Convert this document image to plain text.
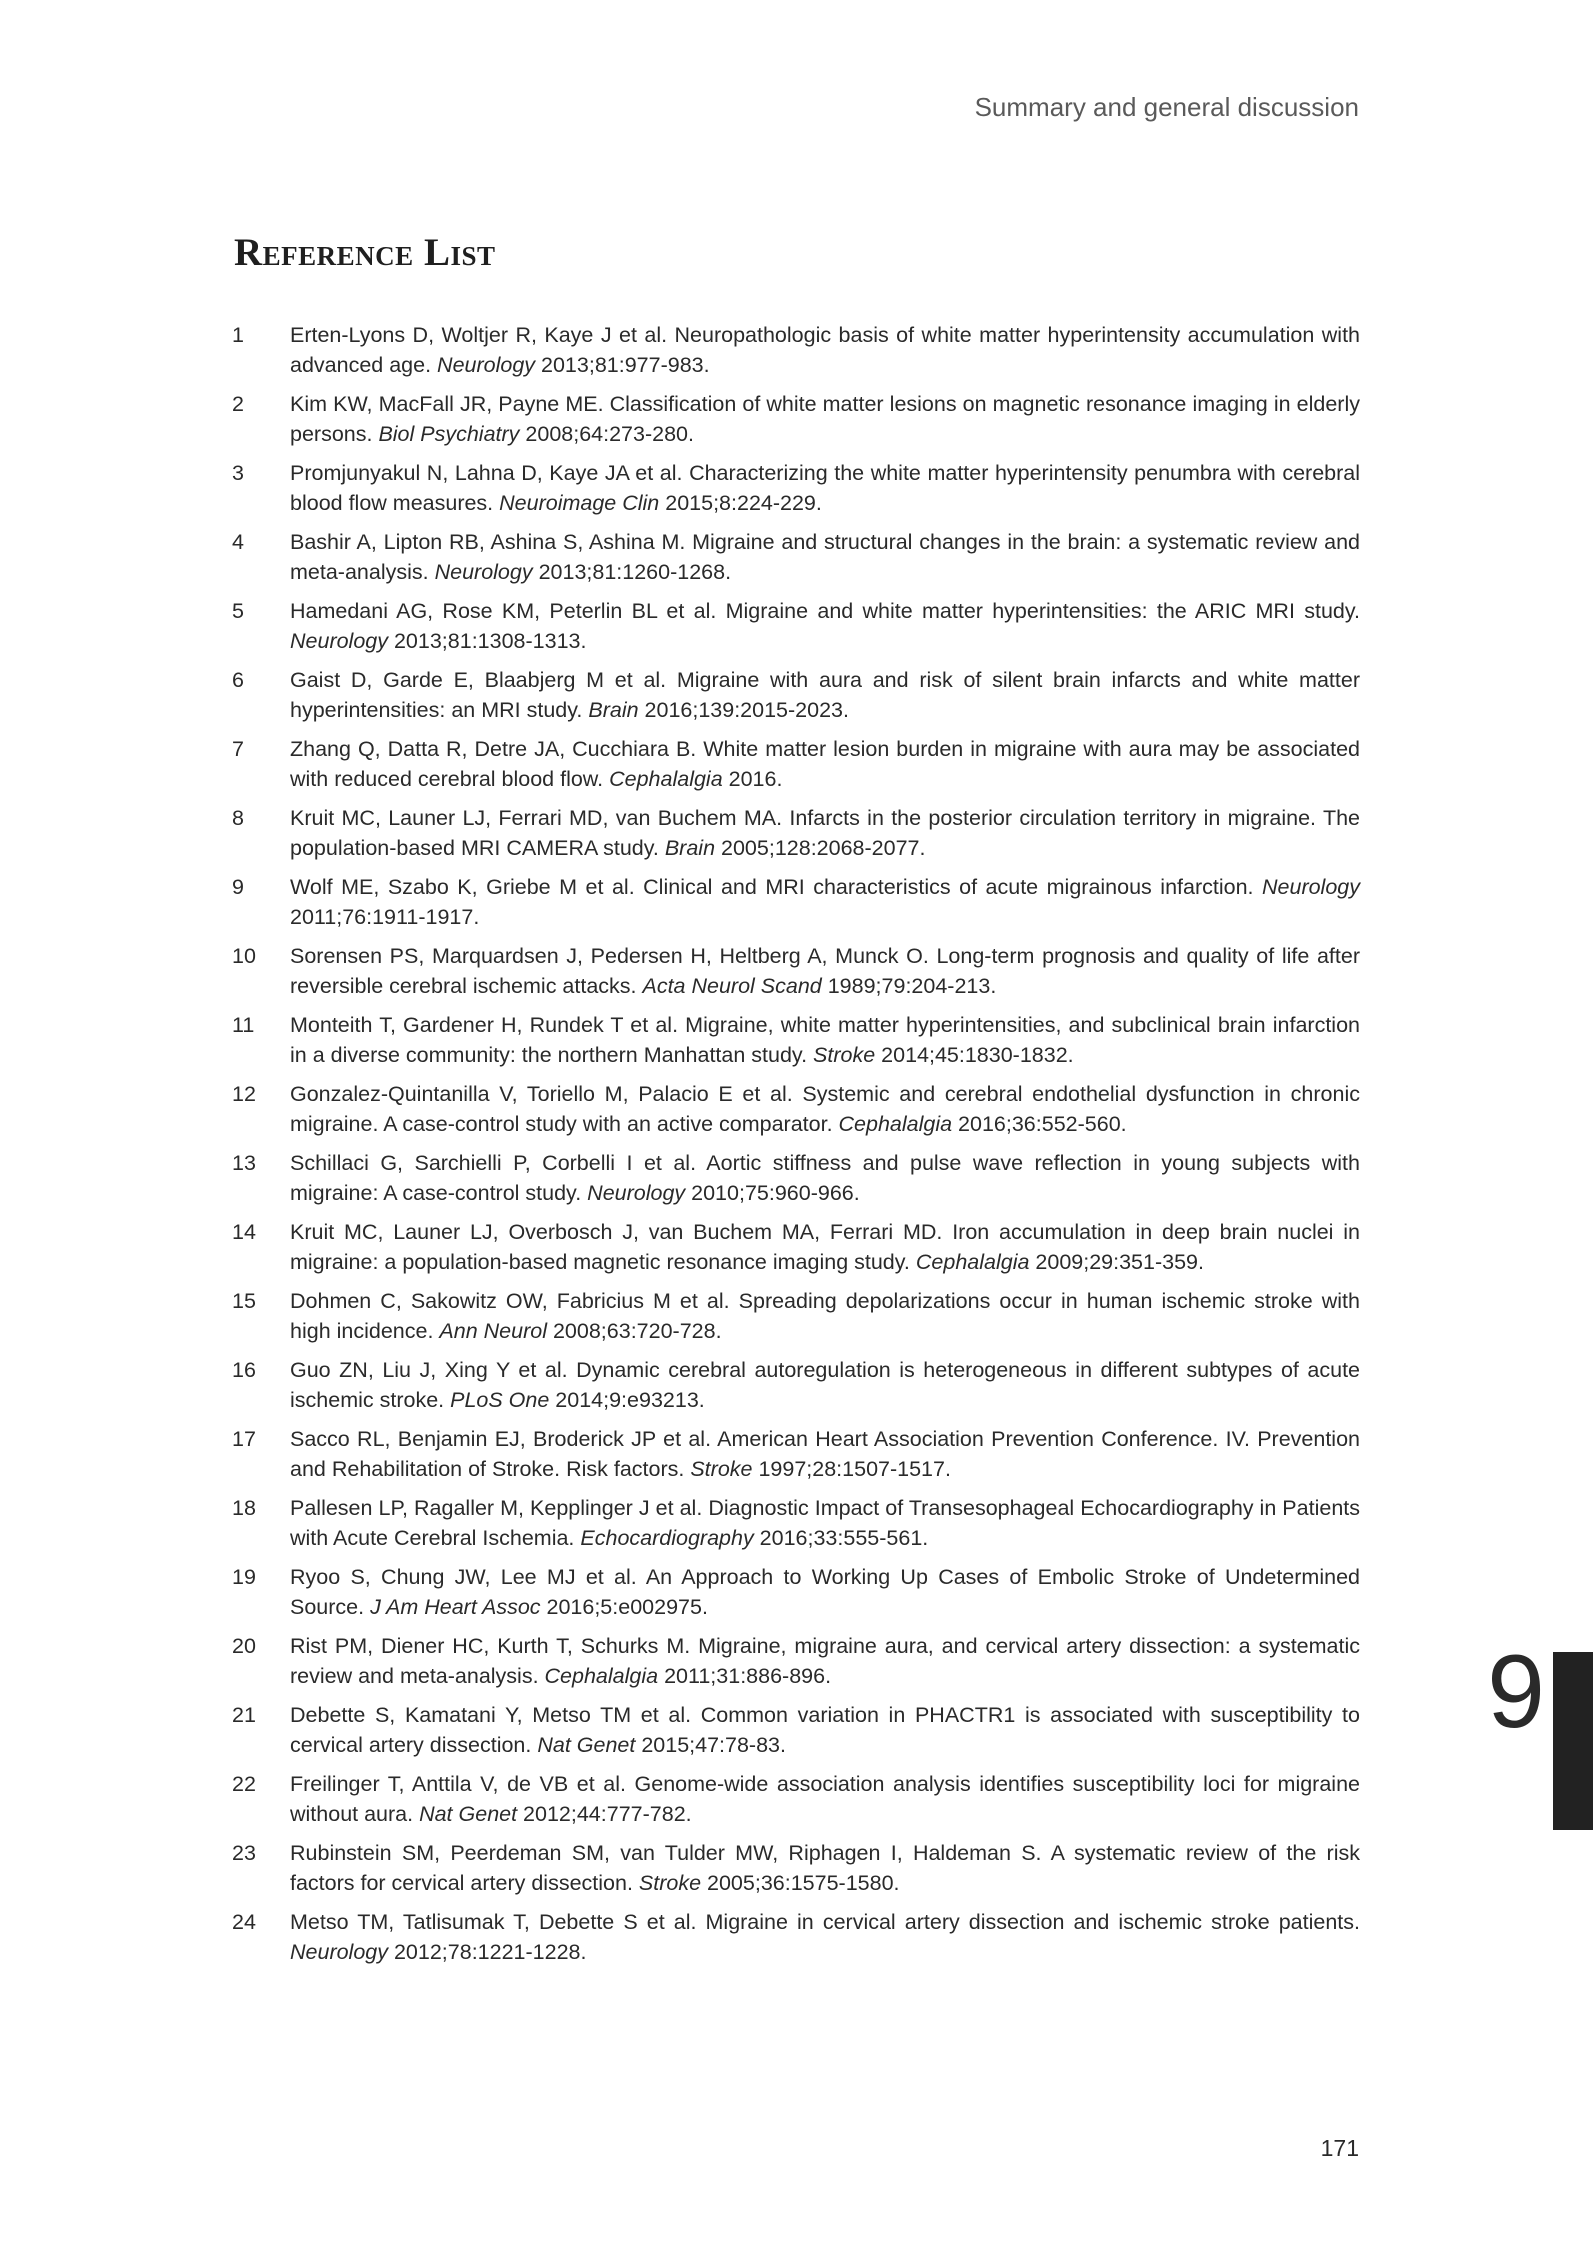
Summary and general discussion
Reference List
1	Erten-Lyons D, Woltjer R, Kaye J et al. Neuropathologic basis of white matter hyperintensity accumulation with advanced age. Neurology 2013;81:977-983.
2	Kim KW, MacFall JR, Payne ME. Classification of white matter lesions on magnetic resonance imaging in elderly persons. Biol Psychiatry 2008;64:273-280.
3	Promjunyakul N, Lahna D, Kaye JA et al. Characterizing the white matter hyperintensity penumbra with cerebral blood flow measures. Neuroimage Clin 2015;8:224-229.
4	Bashir A, Lipton RB, Ashina S, Ashina M. Migraine and structural changes in the brain: a systematic review and meta-analysis. Neurology 2013;81:1260-1268.
5	Hamedani AG, Rose KM, Peterlin BL et al. Migraine and white matter hyperintensities: the ARIC MRI study. Neurology 2013;81:1308-1313.
6	Gaist D, Garde E, Blaabjerg M et al. Migraine with aura and risk of silent brain infarcts and white matter hyperintensities: an MRI study. Brain 2016;139:2015-2023.
7	Zhang Q, Datta R, Detre JA, Cucchiara B. White matter lesion burden in migraine with aura may be associated with reduced cerebral blood flow. Cephalalgia 2016.
8	Kruit MC, Launer LJ, Ferrari MD, van Buchem MA. Infarcts in the posterior circulation territory in migraine. The population-based MRI CAMERA study. Brain 2005;128:2068-2077.
9	Wolf ME, Szabo K, Griebe M et al. Clinical and MRI characteristics of acute migrainous infarction. Neurology 2011;76:1911-1917.
10	Sorensen PS, Marquardsen J, Pedersen H, Heltberg A, Munck O. Long-term prognosis and quality of life after reversible cerebral ischemic attacks. Acta Neurol Scand 1989;79:204-213.
11	Monteith T, Gardener H, Rundek T et al. Migraine, white matter hyperintensities, and subclinical brain infarction in a diverse community: the northern Manhattan study. Stroke 2014;45:1830-1832.
12	Gonzalez-Quintanilla V, Toriello M, Palacio E et al. Systemic and cerebral endothelial dysfunction in chronic migraine. A case-control study with an active comparator. Cephalalgia 2016;36:552-560.
13	Schillaci G, Sarchielli P, Corbelli I et al. Aortic stiffness and pulse wave reflection in young subjects with migraine: A case-control study. Neurology 2010;75:960-966.
14	Kruit MC, Launer LJ, Overbosch J, van Buchem MA, Ferrari MD. Iron accumulation in deep brain nuclei in migraine: a population-based magnetic resonance imaging study. Cephalalgia 2009;29:351-359.
15	Dohmen C, Sakowitz OW, Fabricius M et al. Spreading depolarizations occur in human ischemic stroke with high incidence. Ann Neurol 2008;63:720-728.
16	Guo ZN, Liu J, Xing Y et al. Dynamic cerebral autoregulation is heterogeneous in different subtypes of acute ischemic stroke. PLoS One 2014;9:e93213.
17	Sacco RL, Benjamin EJ, Broderick JP et al. American Heart Association Prevention Conference. IV. Prevention and Rehabilitation of Stroke. Risk factors. Stroke 1997;28:1507-1517.
18	Pallesen LP, Ragaller M, Kepplinger J et al. Diagnostic Impact of Transesophageal Echocardiography in Patients with Acute Cerebral Ischemia. Echocardiography 2016;33:555-561.
19	Ryoo S, Chung JW, Lee MJ et al. An Approach to Working Up Cases of Embolic Stroke of Undetermined Source. J Am Heart Assoc 2016;5:e002975.
20	Rist PM, Diener HC, Kurth T, Schurks M. Migraine, migraine aura, and cervical artery dissection: a systematic review and meta-analysis. Cephalalgia 2011;31:886-896.
21	Debette S, Kamatani Y, Metso TM et al. Common variation in PHACTR1 is associated with susceptibility to cervical artery dissection. Nat Genet 2015;47:78-83.
22	Freilinger T, Anttila V, de VB et al. Genome-wide association analysis identifies susceptibility loci for migraine without aura. Nat Genet 2012;44:777-782.
23	Rubinstein SM, Peerdeman SM, van Tulder MW, Riphagen I, Haldeman S. A systematic review of the risk factors for cervical artery dissection. Stroke 2005;36:1575-1580.
24	Metso TM, Tatlisumak T, Debette S et al. Migraine in cervical artery dissection and ischemic stroke patients. Neurology 2012;78:1221-1228.
9
171
